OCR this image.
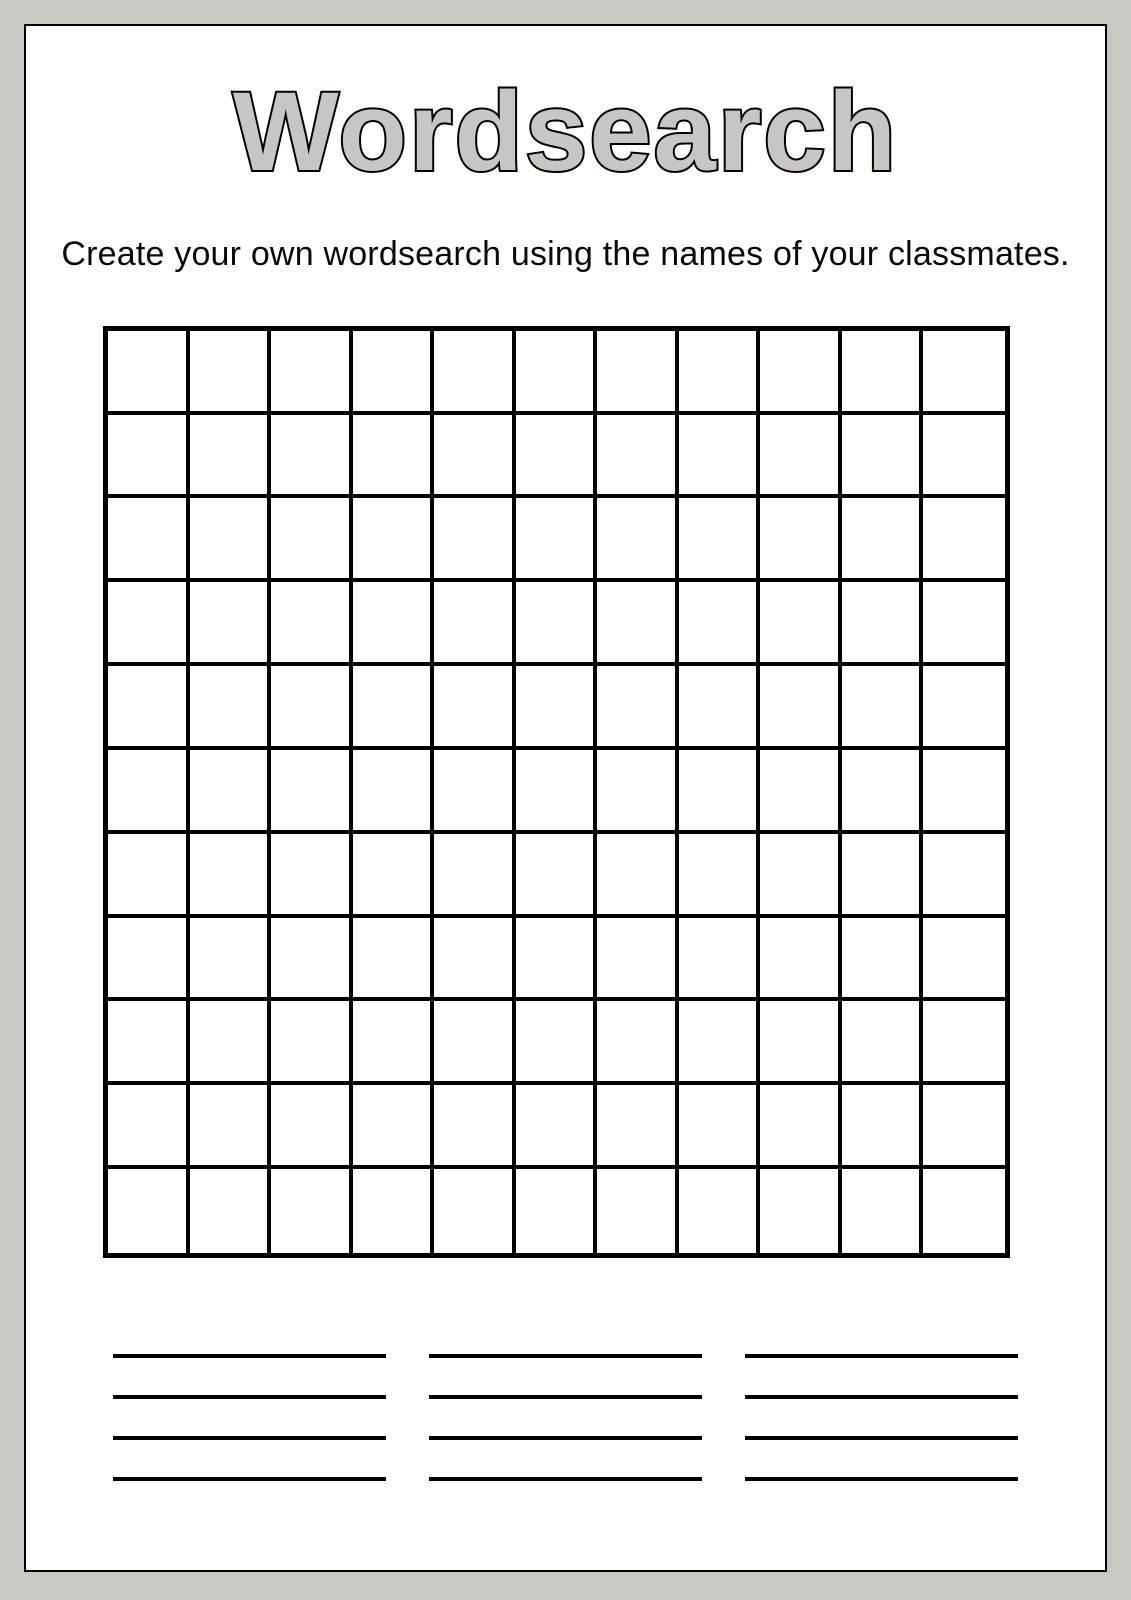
Wordsearch

Create your own wordsearch using the names of your classmates.
